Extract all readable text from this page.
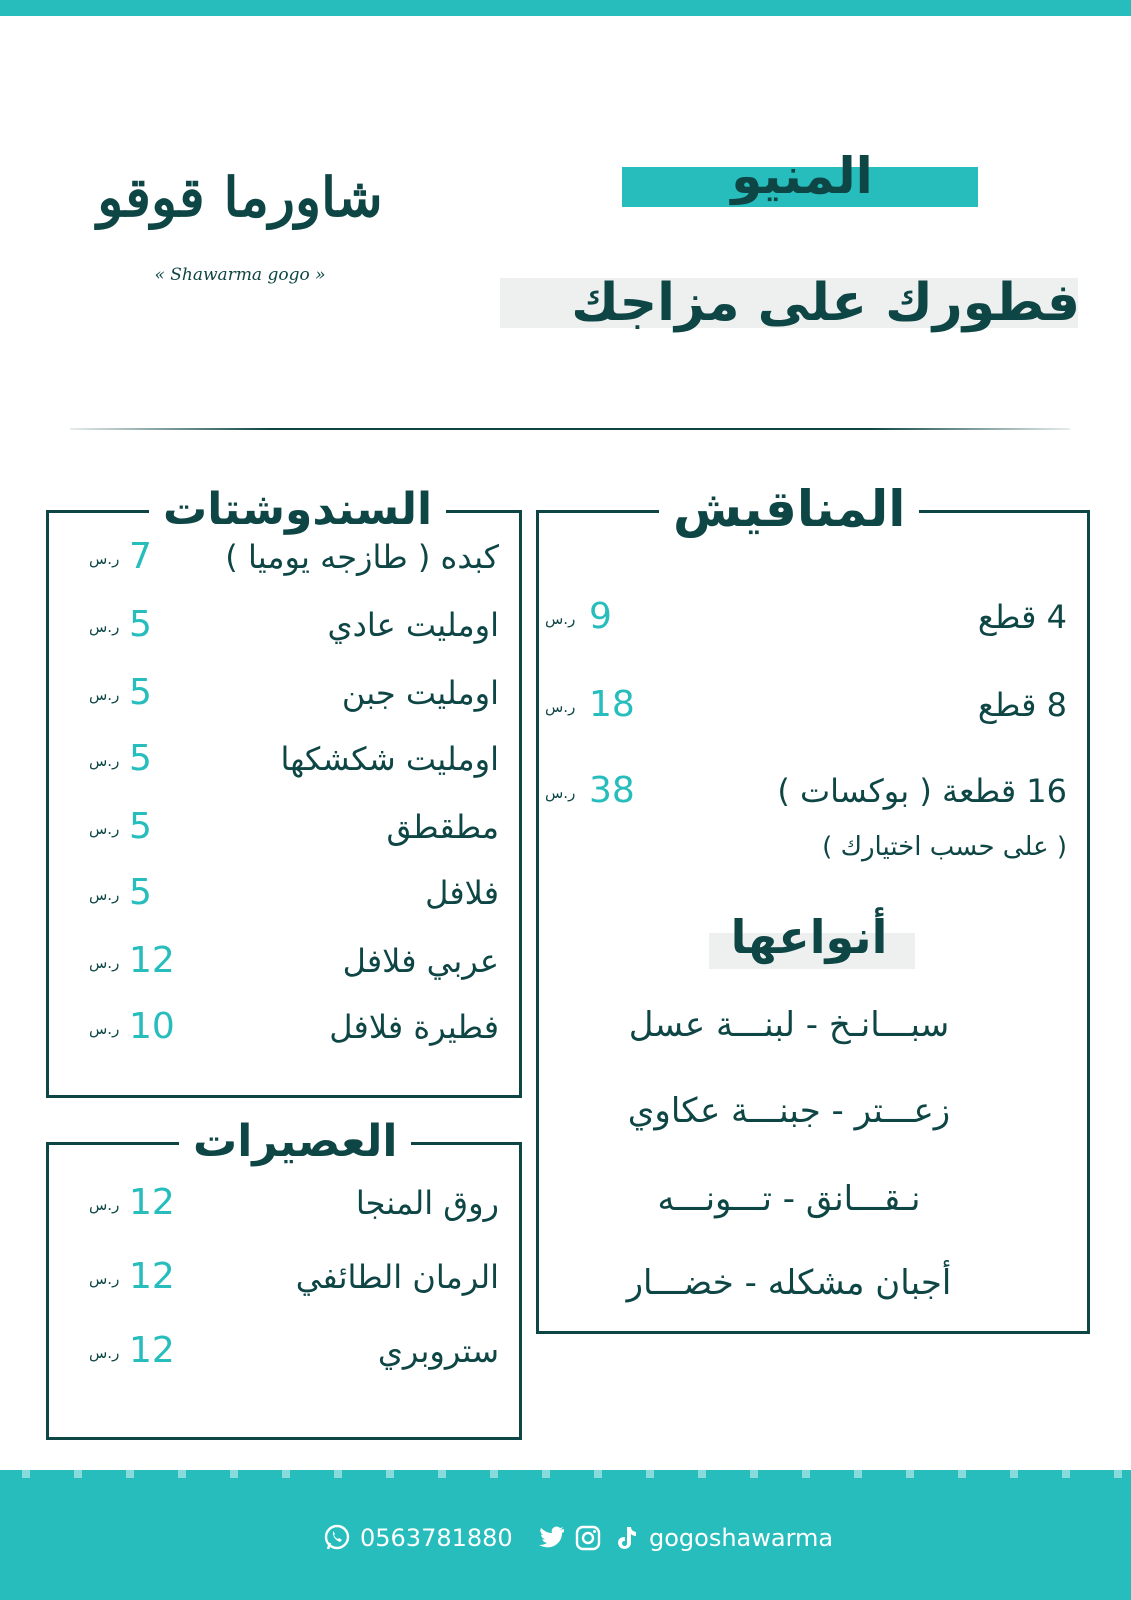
شاورما قوقو
« Shawarma gogo »
المنيو
فطورك على مزاجك
المناقيش
4 قطع
9
ر.س
8 قطع
18
ر.س
16 قطعة ( بوكسات )
38
ر.س
( على حسب اختيارك )
أنواعها
سبـــانـخ - لبنـــة عسل
زعـــتر - جبنـــة عكاوي
نـقـــانق - تـــونـــه
أجبان مشكله - خضـــار
السندوشتات
كبده ( طازجه يوميا )
7
ر.س
اومليت عادي
5
ر.س
اومليت جبن
5
ر.س
اومليت شكشكها
5
ر.س
مطقطق
5
ر.س
فلافل
5
ر.س
عربي فلافل
12
ر.س
فطيرة فلافل
10
ر.س
العصيرات
روق المنجا
12
ر.س
الرمان الطائفي
12
ر.س
ستروبري
12
ر.س
0563781880	gogoshawarma
